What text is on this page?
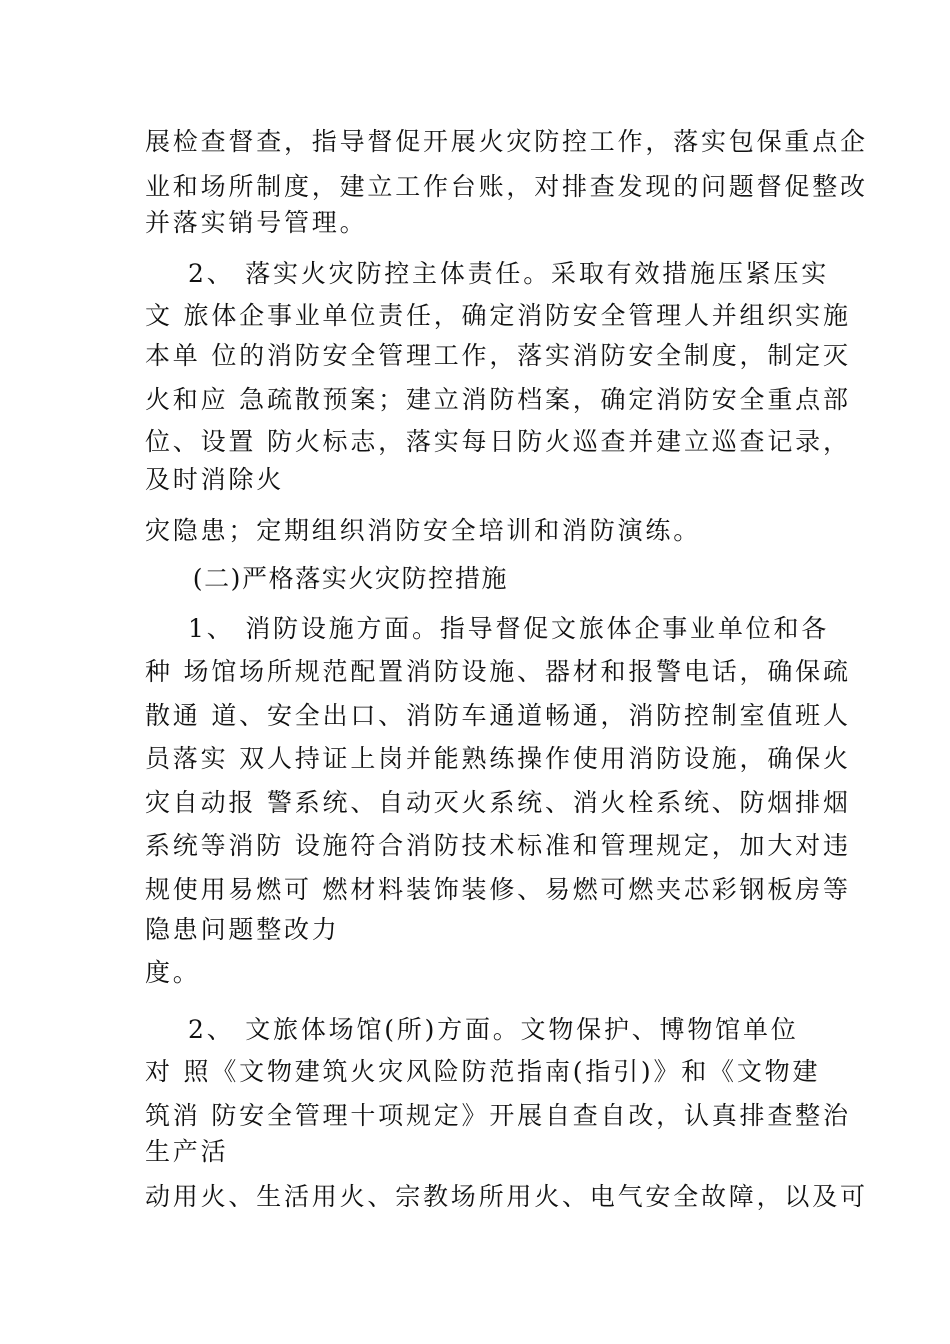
展检查督查，指导督促开展火灾防控工作，落实包保重点企
业和场所制度，建立工作台账，对排查发现的问题督促整改
并落实销号管理。
2、 落实火灾防控主体责任。采取有效措施压紧压实
文 旅体企事业单位责任，确定消防安全管理人并组织实施
本单 位的消防安全管理工作，落实消防安全制度，制定灭
火和应 急疏散预案；建立消防档案，确定消防安全重点部
位、设置 防火标志，落实每日防火巡查并建立巡查记录，
及时消除火
灾隐患；定期组织消防安全培训和消防演练。
(二)严格落实火灾防控措施
1、 消防设施方面。指导督促文旅体企事业单位和各
种 场馆场所规范配置消防设施、器材和报警电话，确保疏
散通 道、安全出口、消防车通道畅通，消防控制室值班人
员落实 双人持证上岗并能熟练操作使用消防设施，确保火
灾自动报 警系统、自动灭火系统、消火栓系统、防烟排烟
系统等消防 设施符合消防技术标准和管理规定，加大对违
规使用易燃可 燃材料装饰装修、易燃可燃夹芯彩钢板房等
隐患问题整改力
度。
2、 文旅体场馆(所)方面。文物保护、博物馆单位
对 照《文物建筑火灾风险防范指南(指引)》和《文物建
筑消 防安全管理十项规定》开展自查自改，认真排查整治
生产活
动用火、生活用火、宗教场所用火、电气安全故障，以及可
